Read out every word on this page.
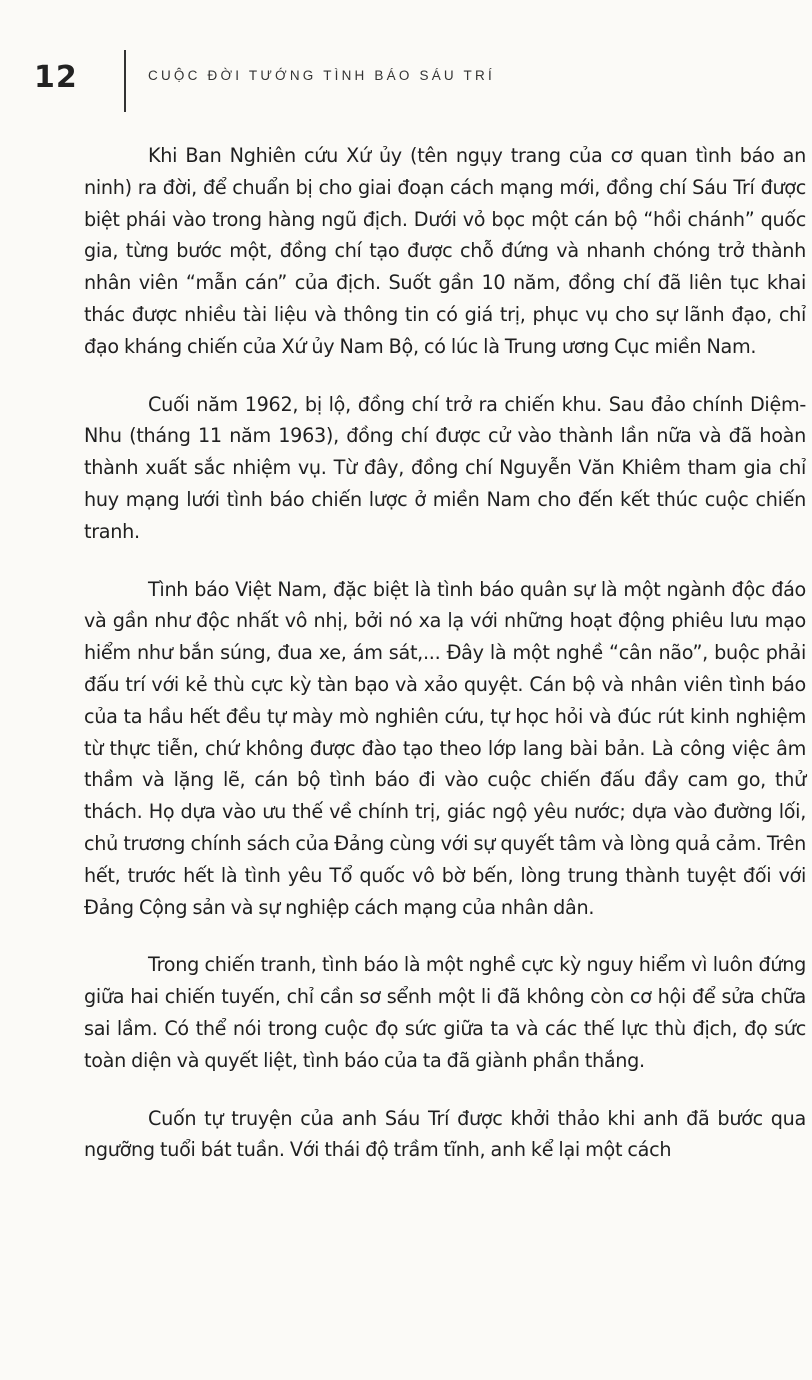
12	CUỘC ĐỜI TƯỚNG TÌNH BÁO SÁU TRÍ

Khi Ban Nghiên cứu Xứ ủy (tên ngụy trang của cơ quan tình báo an ninh) ra đời, để chuẩn bị cho giai đoạn cách mạng mới, đồng chí Sáu Trí được biệt phái vào trong hàng ngũ địch. Dưới vỏ bọc một cán bộ “hồi chánh” quốc gia, từng bước một, đồng chí tạo được chỗ đứng và nhanh chóng trở thành nhân viên “mẫn cán” của địch. Suốt gần 10 năm, đồng chí đã liên tục khai thác được nhiều tài liệu và thông tin có giá trị, phục vụ cho sự lãnh đạo, chỉ đạo kháng chiến của Xứ ủy Nam Bộ, có lúc là Trung ương Cục miền Nam.

Cuối năm 1962, bị lộ, đồng chí trở ra chiến khu. Sau đảo chính Diệm-Nhu (tháng 11 năm 1963), đồng chí được cử vào thành lần nữa và đã hoàn thành xuất sắc nhiệm vụ. Từ đây, đồng chí Nguyễn Văn Khiêm tham gia chỉ huy mạng lưới tình báo chiến lược ở miền Nam cho đến kết thúc cuộc chiến tranh.

Tình báo Việt Nam, đặc biệt là tình báo quân sự là một ngành độc đáo và gần như độc nhất vô nhị, bởi nó xa lạ với những hoạt động phiêu lưu mạo hiểm như bắn súng, đua xe, ám sát,... Đây là một nghề “cân não”, buộc phải đấu trí với kẻ thù cực kỳ tàn bạo và xảo quyệt. Cán bộ và nhân viên tình báo của ta hầu hết đều tự mày mò nghiên cứu, tự học hỏi và đúc rút kinh nghiệm từ thực tiễn, chứ không được đào tạo theo lớp lang bài bản. Là công việc âm thầm và lặng lẽ, cán bộ tình báo đi vào cuộc chiến đấu đầy cam go, thử thách. Họ dựa vào ưu thế về chính trị, giác ngộ yêu nước; dựa vào đường lối, chủ trương chính sách của Đảng cùng với sự quyết tâm và lòng quả cảm. Trên hết, trước hết là tình yêu Tổ quốc vô bờ bến, lòng trung thành tuyệt đối với Đảng Cộng sản và sự nghiệp cách mạng của nhân dân.

Trong chiến tranh, tình báo là một nghề cực kỳ nguy hiểm vì luôn đứng giữa hai chiến tuyến, chỉ cần sơ sểnh một li đã không còn cơ hội để sửa chữa sai lầm. Có thể nói trong cuộc đọ sức giữa ta và các thế lực thù địch, đọ sức toàn diện và quyết liệt, tình báo của ta đã giành phần thắng.

Cuốn tự truyện của anh Sáu Trí được khởi thảo khi anh đã bước qua ngưỡng tuổi bát tuần. Với thái độ trầm tĩnh, anh kể lại một cách
